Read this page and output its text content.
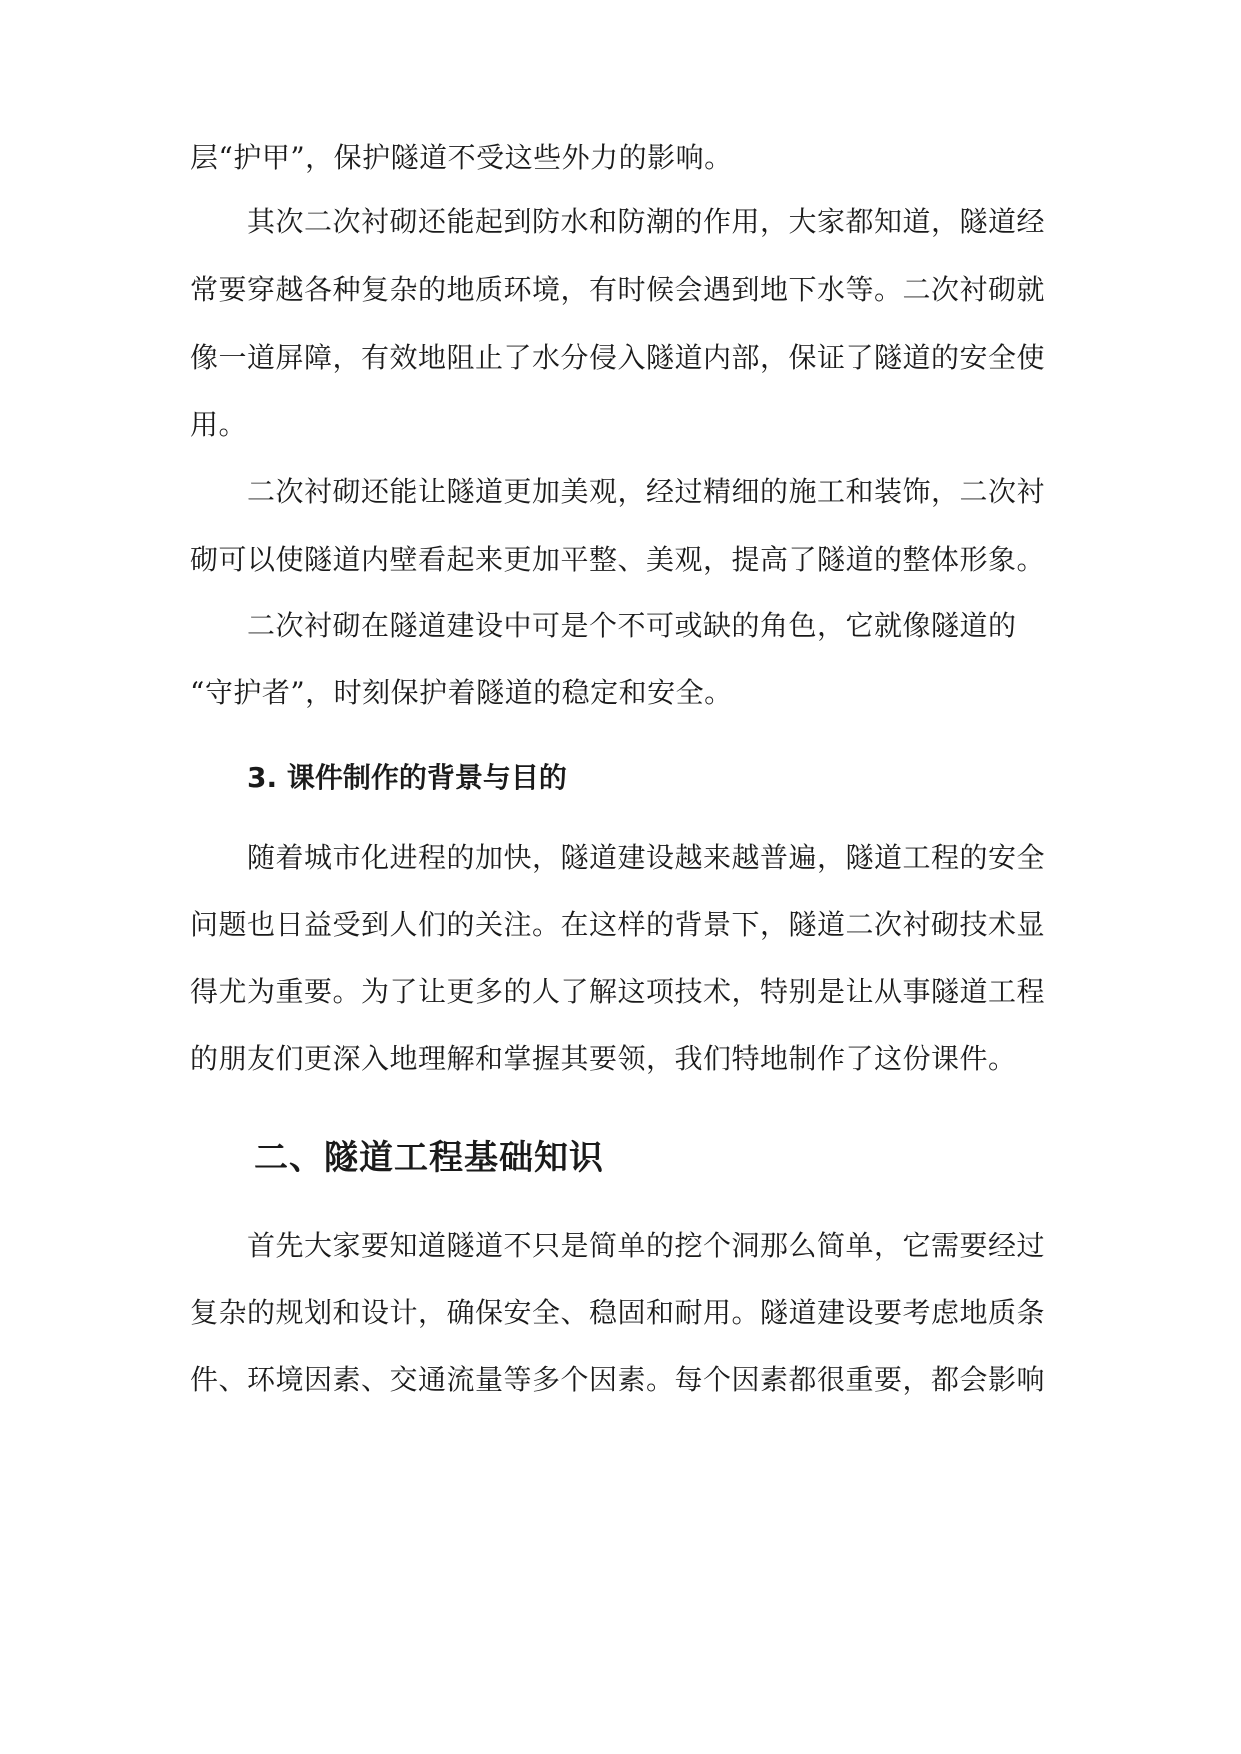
层“护甲”，保护隧道不受这些外力的影响。
其次二次衬砌还能起到防水和防潮的作用，大家都知道，隧道经
常要穿越各种复杂的地质环境，有时候会遇到地下水等。二次衬砌就
像一道屏障，有效地阻止了水分侵入隧道内部，保证了隧道的安全使
用。
二次衬砌还能让隧道更加美观，经过精细的施工和装饰，二次衬
砌可以使隧道内壁看起来更加平整、美观，提高了隧道的整体形象。
二次衬砌在隧道建设中可是个不可或缺的角色，它就像隧道的
“守护者”，时刻保护着隧道的稳定和安全。
3. 课件制作的背景与目的
随着城市化进程的加快，隧道建设越来越普遍，隧道工程的安全
问题也日益受到人们的关注。在这样的背景下，隧道二次衬砌技术显
得尤为重要。为了让更多的人了解这项技术，特别是让从事隧道工程
的朋友们更深入地理解和掌握其要领，我们特地制作了这份课件。
二、隧道工程基础知识
首先大家要知道隧道不只是简单的挖个洞那么简单，它需要经过
复杂的规划和设计，确保安全、稳固和耐用。隧道建设要考虑地质条
件、环境因素、交通流量等多个因素。每个因素都很重要，都会影响
